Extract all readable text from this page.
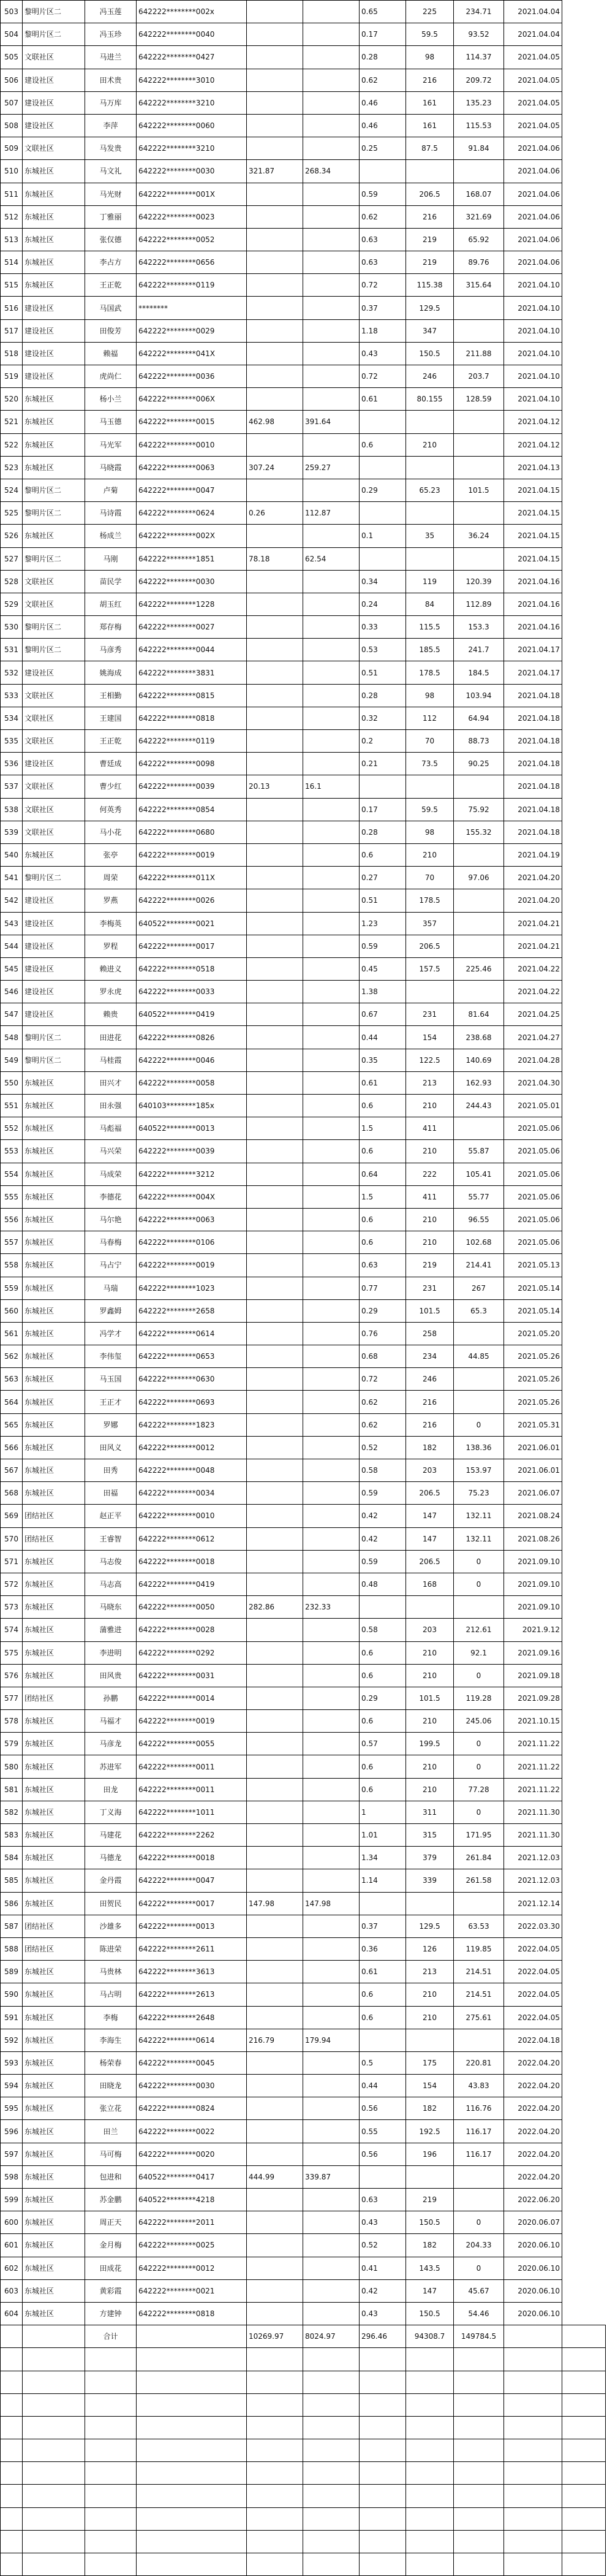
503	黎明片区二	冯玉莲	642222********002x			0.65	225	234.71	2021.04.04	
504	黎明片区二	冯玉珍	642222********0040			0.17	59.5	93.52	2021.04.04	
505	文联社区	马进兰	642222********0427			0.28	98	114.37	2021.04.05	
506	建设社区	田术贵	642222********3010			0.62	216	209.72	2021.04.05	
507	建设社区	马万库	642222********3210			0.46	161	135.23	2021.04.05	
508	建设社区	李萍	642222********0060			0.46	161	115.53	2021.04.05	
509	文联社区	马发贵	642222********3210			0.25	87.5	91.84	2021.04.06	
510	东城社区	马文礼	642222********0030	321.87	268.34				2021.04.06	
511	东城社区	马光财	642222********001X			0.59	206.5	168.07	2021.04.06	
512	东城社区	丁雅丽	642222********0023			0.62	216	321.69	2021.04.06	
513	东城社区	张仅德	642222********0052			0.63	219	65.92	2021.04.06	
514	东城社区	李占方	642222********0656			0.63	219	89.76	2021.04.06	
515	东城社区	王正乾	642222********0119			0.72	115.38	315.64	2021.04.10	
516	建设社区	马国武	********			0.37	129.5		2021.04.10	
517	建设社区	田俊芳	642222********0029			1.18	347		2021.04.10	
518	建设社区	赖福	642222********041X			0.43	150.5	211.88	2021.04.10	
519	建设社区	虎尚仁	642222********0036			0.72	246	203.7	2021.04.10	
520	东城社区	杨小兰	642222********006X			0.61	80.155	128.59	2021.04.10	
521	东城社区	马玉德	642222********0015	462.98	391.64				2021.04.12	
522	东城社区	马光军	642222********0010			0.6	210		2021.04.12	
523	东城社区	马晓霞	642222********0063	307.24	259.27				2021.04.13	
524	黎明片区二	卢菊	642222********0047			0.29	65.23	101.5	2021.04.15	
525	黎明片区二	马诗霞	642222********0624	0.26	112.87				2021.04.15	
526	东城社区	杨成兰	642222********002X			0.1	35	36.24	2021.04.15	
527	黎明片区二	马刚	642222********1851	78.18	62.54				2021.04.15	
528	文联社区	苗民学	642222********0030			0.34	119	120.39	2021.04.16	
529	文联社区	胡玉红	642222********1228			0.24	84	112.89	2021.04.16	
530	黎明片区二	郑存梅	642222********0027			0.33	115.5	153.3	2021.04.16	
531	黎明片区二	马彦秀	642222********0044			0.53	185.5	241.7	2021.04.17	
532	建设社区	姚海成	642222********3831			0.51	178.5	184.5	2021.04.17	
533	文联社区	王相勤	642222********0815			0.28	98	103.94	2021.04.18	
534	文联社区	王建国	642222********0818			0.32	112	64.94	2021.04.18	
535	文联社区	王正乾	642222********0119			0.2	70	88.73	2021.04.18	
536	建设社区	曹廷成	642222********0098			0.21	73.5	90.25	2021.04.18	
537	文联社区	曹少红	642222********0039	20.13	16.1				2021.04.18	
538	文联社区	何英秀	642222********0854			0.17	59.5	75.92	2021.04.18	
539	文联社区	马小花	642222********0680			0.28	98	155.32	2021.04.18	
540	东城社区	张亭	642222********0019			0.6	210		2021.04.19	
541	黎明片区二	周荣	642222********011X			0.27	70	97.06	2021.04.20	
542	建设社区	罗燕	642222********0026			0.51	178.5		2021.04.20	
543	建设社区	李梅英	640522********0021			1.23	357		2021.04.21	
544	建设社区	罗程	642222********0017			0.59	206.5		2021.04.21	
545	建设社区	赖进义	642222********0518			0.45	157.5	225.46	2021.04.22	
546	建设社区	罗永虎	642222********0033			1.38			2021.04.22	
547	建设社区	赖贵	640522********0419			0.67	231	81.64	2021.04.25	
548	黎明片区二	田进花	642222********0826			0.44	154	238.68	2021.04.27	
549	黎明片区二	马桂霞	642222********0046			0.35	122.5	140.69	2021.04.28	
550	东城社区	田兴才	642222********0058			0.61	213	162.93	2021.04.30	
551	东城社区	田永强	640103********185x			0.6	210	244.43	2021.05.01	
552	东城社区	马彪福	640522********0013			1.5	411		2021.05.06	
553	东城社区	马兴荣	642222********0039			0.6	210	55.87	2021.05.06	
554	东城社区	马成荣	642222********3212			0.64	222	105.41	2021.05.06	
555	东城社区	李德花	642222********004X			1.5	411	55.77	2021.05.06	
556	东城社区	马尔艳	642222********0063			0.6	210	96.55	2021.05.06	
557	东城社区	马春梅	642222********0106			0.6	210	102.68	2021.05.06	
558	东城社区	马占宁	642222********0019			0.63	219	214.41	2021.05.13	
559	东城社区	马瑞	642222********1023			0.77	231	267	2021.05.14	
560	东城社区	罗鑫姆	642222********2658			0.29	101.5	65.3	2021.05.14	
561	东城社区	冯学才	642222********0614			0.76	258		2021.05.20	
562	东城社区	李伟玺	642222********0653			0.68	234	44.85	2021.05.26	
563	东城社区	马玉国	642222********0630			0.72	246		2021.05.26	
564	东城社区	王正才	642222********0693			0.62	216		2021.05.26	
565	东城社区	罗娜	642222********1823			0.62	216	0	2021.05.31	
566	东城社区	田风义	642222********0012			0.52	182	138.36	2021.06.01	
567	东城社区	田秀	642222********0048			0.58	203	153.97	2021.06.01	
568	东城社区	田福	642222********0034			0.59	206.5	75.23	2021.06.07	
569	团结社区	赵正平	642222********0010			0.42	147	132.11	2021.08.24	
570	团结社区	王睿智	642222********0612			0.42	147	132.11	2021.08.26	
571	东城社区	马志俊	642222********0018			0.59	206.5	0	2021.09.10	
572	东城社区	马志高	642222********0419			0.48	168	0	2021.09.10	
573	东城社区	马晓东	642222********0050	282.86	232.33				2021.09.10	
574	东城社区	蒲雅进	642222********0028			0.58	203	212.61	2021.9.12	
575	东城社区	李进明	642222********0292			0.6	210	92.1	2021.09.16	
576	东城社区	田风贵	642222********0031			0.6	210	0	2021.09.18	
577	团结社区	孙鹏	642222********0014			0.29	101.5	119.28	2021.09.28	
578	东城社区	马福才	642222********0019			0.6	210	245.06	2021.10.15	
579	东城社区	马彦龙	642222********0055			0.57	199.5	0	2021.11.22	
580	东城社区	苏进军	642222********0011			0.6	210	0	2021.11.22	
581	东城社区	田龙	642222********0011			0.6	210	77.28	2021.11.22	
582	东城社区	丁义海	642222********1011			1	311	0	2021.11.30	
583	东城社区	马建花	642222********2262			1.01	315	171.95	2021.11.30	
584	东城社区	马德龙	642222********0018			1.34	379	261.84	2021.12.03	
585	东城社区	金丹霞	642222********0047			1.14	339	261.58	2021.12.03	
586	东城社区	田贺民	642222********0017	147.98	147.98				2021.12.14	
587	团结社区	沙雄多	642222********0013			0.37	129.5	63.53	2022.03.30	
588	团结社区	陈进荣	642222********2611			0.36	126	119.85	2022.04.05	
589	东城社区	马贵林	642222********3613			0.61	213	214.51	2022.04.05	
590	东城社区	马占明	642222********2613			0.6	210	214.51	2022.04.05	
591	东城社区	李梅	642222********2648			0.6	210	275.61	2022.04.05	
592	东城社区	李海生	642222********0614	216.79	179.94				2022.04.18	
593	东城社区	杨荣春	642222********0045			0.5	175	220.81	2022.04.20	
594	东城社区	田晓龙	642222********0030			0.44	154	43.83	2022.04.20	
595	东城社区	张立花	642222********0824			0.56	182	116.76	2022.04.20	
596	东城社区	田兰	642222********0022			0.55	192.5	116.17	2022.04.20	
597	东城社区	马可梅	642222********0020			0.56	196	116.17	2022.04.20	
598	东城社区	包进和	640522********0417	444.99	339.87				2022.04.20	
599	东城社区	苏金鹏	640522********4218			0.63	219		2022.06.20	
600	东城社区	周正天	642222********2011			0.43	150.5	0	2020.06.07	
601	东城社区	金月梅	642222********0025			0.52	182	204.33	2020.06.10	
602	东城社区	田成花	642222********0012			0.41	143.5	0	2020.06.10	
603	东城社区	黄彩霞	642222********0021			0.42	147	45.67	2020.06.10	
604	东城社区	方建钟	642222********0818			0.43	150.5	54.46	2020.06.10	
		合计		10269.97	8024.97	296.46	94308.7	149784.5		
